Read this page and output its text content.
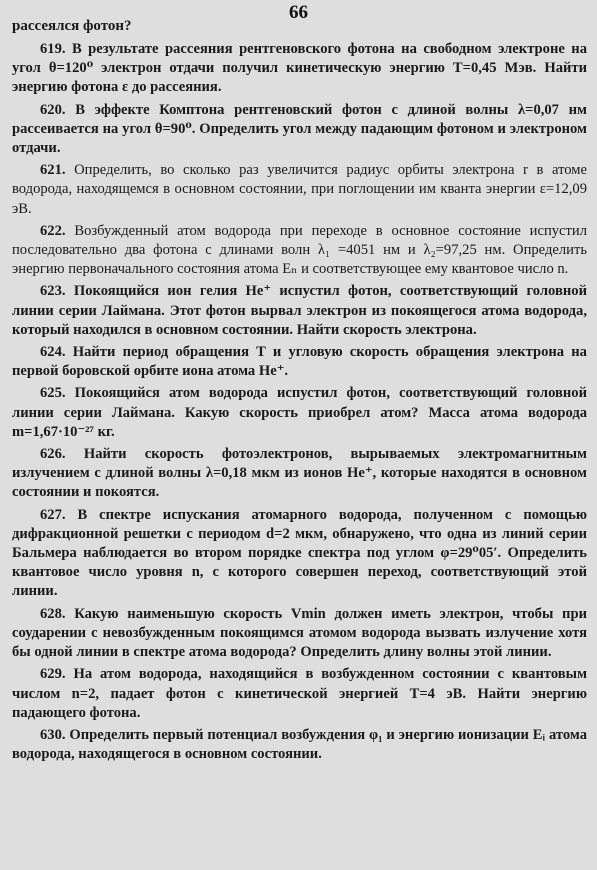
66
рассеялся фотон?

619. В результате рассеяния рентгеновского фотона на свободном электроне на угол θ=120⁰ электрон отдачи получил кинетическую энергию T=0,45 Мэв. Найти энергию фотона ε до рассеяния.

620. В эффекте Комптона рентгеновский фотон с длиной волны λ=0,07 нм рассеивается на угол θ=90⁰. Определить угол между падающим фотоном и электроном отдачи.

621. Определить, во сколько раз увеличится радиус орбиты электрона r в атоме водорода, находящемся в основном состоянии, при поглощении им кванта энергии ε=12,09 эВ.

622. Возбужденный атом водорода при переходе в основное состояние испустил последовательно два фотона с длинами волн λ₁ =4051 нм и λ₂=97,25 нм. Определить энергию первоначального состояния атома Eₙ и соответствующее ему квантовое число n.

623. Покоящийся ион гелия He⁺ испустил фотон, соответствующий головной линии серии Лаймана. Этот фотон вырвал электрон из покоящегося атома водорода, который находился в основном состоянии. Найти скорость электрона.

624. Найти период обращения T и угловую скорость обращения электрона на первой боровской орбите иона атома He⁺.

625. Покоящийся атом водорода испустил фотон, соответствующий головной линии серии Лаймана. Какую скорость приобрел атом? Масса атома водорода m=1,67·10⁻²⁷ кг.

626. Найти скорость фотоэлектронов, вырываемых электромагнитным излучением с длиной волны λ=0,18 мкм из ионов He⁺, которые находятся в основном состоянии и покоятся.

627. В спектре испускания атомарного водорода, полученном с помощью дифракционной решетки с периодом d=2 мкм, обнаружено, что одна из линий серии Бальмера наблюдается во втором порядке спектра под углом φ=29⁰05′. Определить квантовое число уровня n, с которого совершен переход, соответствующий этой линии.

628. Какую наименьшую скорость Vmin должен иметь электрон, чтобы при соударении с невозбужденным покоящимся атомом водорода вызвать излучение хотя бы одной линии в спектре атома водорода? Определить длину волны этой линии.

629. На атом водорода, находящийся в возбужденном состоянии с квантовым числом n=2, падает фотон с кинетической энергией T=4 эВ. Найти энергию падающего фотона.

630. Определить первый потенциал возбуждения φ₁ и энергию ионизации Eᵢ атома водорода, находящегося в основном состоянии.
